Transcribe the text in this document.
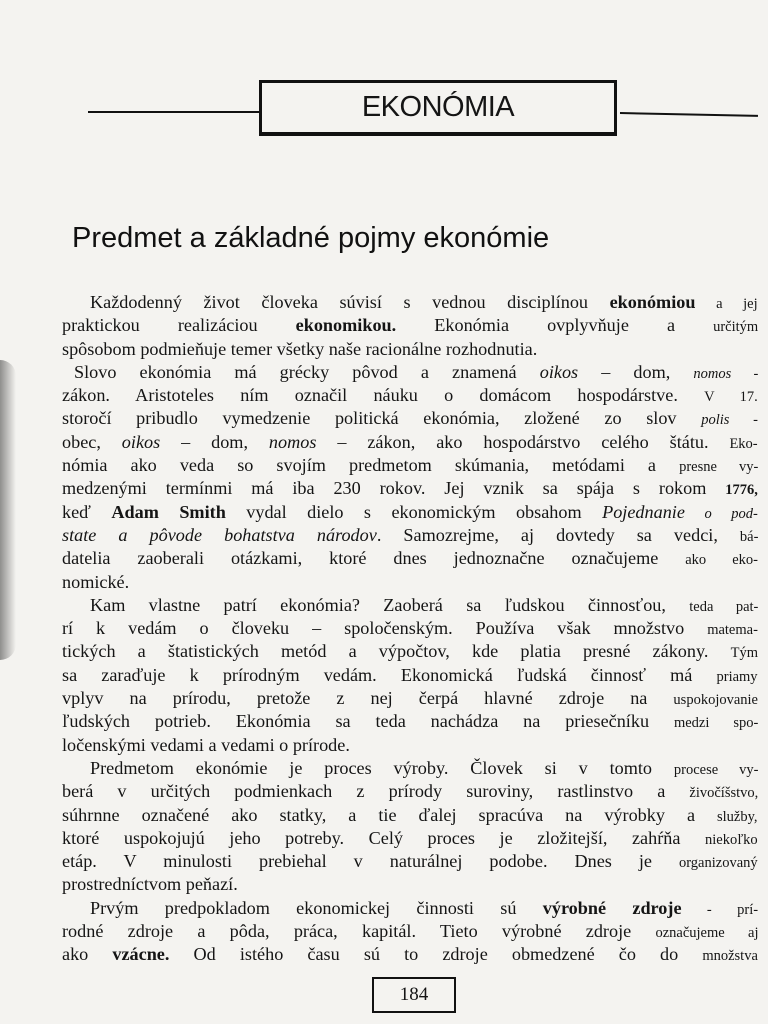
EKONÓMIA
Predmet a základné pojmy ekonómie
Každodenný život človeka súvisí s vednou disciplínou ekonómiou a jej
praktickou realizáciou ekonomikou. Ekonómia ovplyvňuje a určitým
spôsobom podmieňuje temer všetky naše racionálne rozhodnutia.
Slovo ekonómia má grécky pôvod a znamená oikos – dom, nomos -
zákon. Aristoteles ním označil náuku o domácom hospodárstve. V 17.
storočí pribudlo vymedzenie politická ekonómia, zložené zo slov polis -
obec, oikos – dom, nomos – zákon, ako hospodárstvo celého štátu. Eko-
nómia ako veda so svojím predmetom skúmania, metódami a presne vy-
medzenými termínmi má iba 230 rokov. Jej vznik sa spája s rokom 1776,
keď Adam Smith vydal dielo s ekonomickým obsahom Pojednanie o pod-
state a pôvode bohatstva národov. Samozrejme, aj dovtedy sa vedci, bá-
datelia zaoberali otázkami, ktoré dnes jednoznačne označujeme ako eko-
nomické.
Kam vlastne patrí ekonómia? Zaoberá sa ľudskou činnosťou, teda pat-
rí k vedám o človeku – spoločenským. Používa však množstvo matema-
tických a štatistických metód a výpočtov, kde platia presné zákony. Tým
sa zaraďuje k prírodným vedám. Ekonomická ľudská činnosť má priamy
vplyv na prírodu, pretože z nej čerpá hlavné zdroje na uspokojovanie
ľudských potrieb. Ekonómia sa teda nachádza na priesečníku medzi spo-
ločenskými vedami a vedami o prírode.
Predmetom ekonómie je proces výroby. Človek si v tomto procese vy-
berá v určitých podmienkach z prírody suroviny, rastlinstvo a živočíšstvo,
súhrnne označené ako statky, a tie ďalej spracúva na výrobky a služby,
ktoré uspokojujú jeho potreby. Celý proces je zložitejší, zahŕňa niekoľko
etáp. V minulosti prebiehal v naturálnej podobe. Dnes je organizovaný
prostredníctvom peňazí.
Prvým predpokladom ekonomickej činnosti sú výrobné zdroje - prí-
rodné zdroje a pôda, práca, kapitál. Tieto výrobné zdroje označujeme aj
ako vzácne. Od istého času sú to zdroje obmedzené čo do množstva
184
